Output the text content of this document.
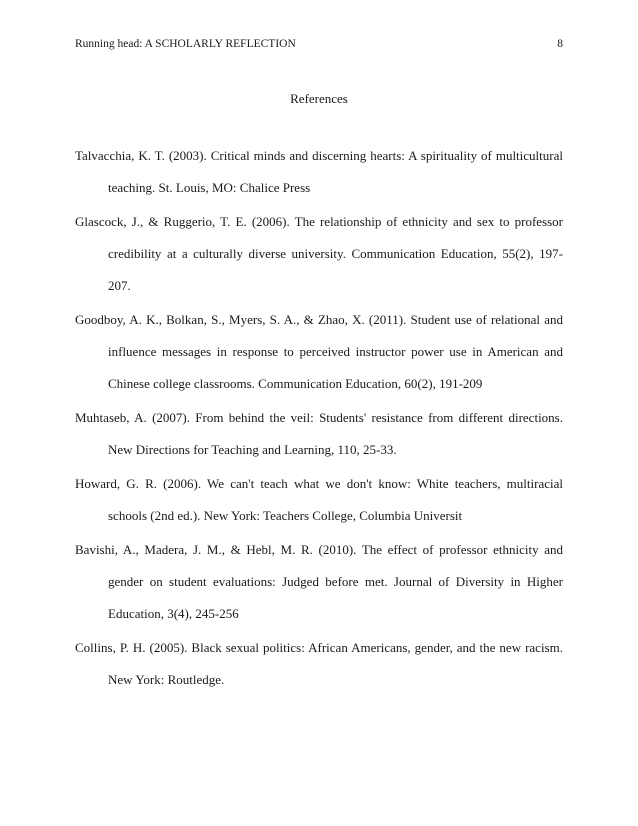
Running head: A SCHOLARLY REFLECTION	8
References
Talvacchia, K. T. (2003). Critical minds and discerning hearts: A spirituality of multicultural teaching. St. Louis, MO: Chalice Press
Glascock, J., & Ruggerio, T. E. (2006). The relationship of ethnicity and sex to professor credibility at a culturally diverse university. Communication Education, 55(2), 197-207.
Goodboy, A. K., Bolkan, S., Myers, S. A., & Zhao, X. (2011). Student use of relational and influence messages in response to perceived instructor power use in American and Chinese college classrooms. Communication Education, 60(2), 191-209
Muhtaseb, A. (2007). From behind the veil: Students' resistance from different directions. New Directions for Teaching and Learning, 110, 25-33.
Howard, G. R. (2006). We can't teach what we don't know: White teachers, multiracial schools (2nd ed.). New York: Teachers College, Columbia Universit
Bavishi, A., Madera, J. M., & Hebl, M. R. (2010). The effect of professor ethnicity and gender on student evaluations: Judged before met. Journal of Diversity in Higher Education, 3(4), 245-256
Collins, P. H. (2005). Black sexual politics: African Americans, gender, and the new racism. New York: Routledge.
